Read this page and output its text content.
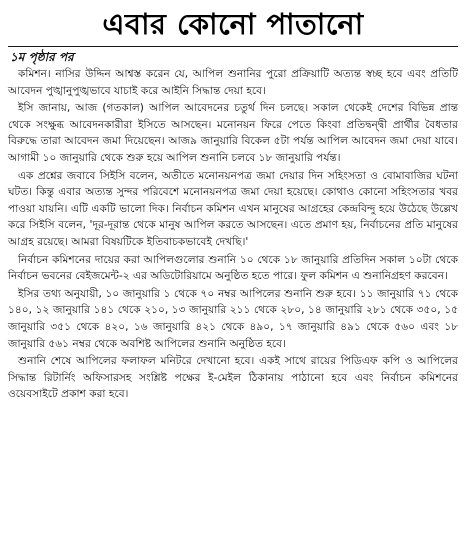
এবার কোনো পাতানো
১ম পৃষ্ঠার পর

কমিশন। নাসির উদ্দিন আশ্বস্ত করেন যে, আপিল শুনানির পুরো প্রক্রিয়াটি অত্যন্ত স্বচ্ছ হবে এবং প্রতিটি আবেদন পুঙ্খানুপুঙ্খভাবে যাচাই করে আইনি সিদ্ধান্ত দেয়া হবে।

ইসি জানায়, আজ (গতকাল) আপিল আবেদনের চতুর্থ দিন চলছে। সকাল থেকেই দেশের বিভিন্ন প্রান্ত থেকে সংক্ষুব্ধ আবেদনকারীরা ইসিতে আসছেন। মনোনয়ন ফিরে পেতে কিংবা প্রতিদ্বন্দ্বী প্রার্থীর বৈধতার বিরুদ্ধে তারা আবেদন জমা দিয়েছেন। আজ৯ জানুয়ারি বিকেল ৫টা পর্যন্ত আপিল আবেদন জমা দেয়া যাবে। আগামী ১০ জানুয়ারি থেকে শুরু হয়ে আপিল শুনানি চলবে ১৮ জানুয়ারি পর্যন্ত।

এক প্রশ্নের জবাবে সিইসি বলেন, অতীতে মনোনয়নপত্র জমা দেয়ার দিন সহিংসতা ও বোমাবাজির ঘটনা ঘটত। কিন্তু এবার অত্যন্ত সুন্দর পরিবেশে মনোনয়নপত্র জমা দেয়া হয়েছে। কোথাও কোনো সহিংসতার খবর পাওয়া যায়নি। এটি একটি ভালো দিক। নির্বাচন কমিশন এখন মানুষের আগ্রহের কেন্দ্রবিন্দু হয়ে উঠেছে উল্লেখ করে সিইসি বলেন, 'দূর-দূরান্ত থেকে মানুষ আপিল করতে আসছেন। এতে প্রমাণ হয়, নির্বাচনের প্রতি মানুষের আগ্রহ রয়েছে। আমরা বিষয়টিকে ইতিবাচকভাবেই দেখছি।'

নির্বাচন কমিশনের দায়ের করা আপিলগুলোর শুনানি ১০ থেকে ১৮ জানুয়ারি প্রতিদিন সকাল ১০টা থেকে নির্বাচন ভবনের বেইজমেন্ট-২ এর অডিটোরিয়ামে অনুষ্ঠিত হতে পারে। ফুল কমিশন এ শুনানিগ্রহণ করবেন।

ইসির তথ্য অনুযায়ী, ১০ জানুয়ারি ১ থেকে ৭০ নম্বর আপিলের শুনানি শুরু হবে। ১১ জানুয়ারি ৭১ থেকে ১৪০, ১২ জানুয়ারি ১৪১ থেকে ২১০, ১৩ জানুয়ারি ২১১ থেকে ২৮০, ১৪ জানুয়ারি ২৮১ থেকে ৩৫০, ১৫ জানুয়ারি ৩৫১ থেকে ৪২০, ১৬ জানুয়ারি ৪২১ থেকে ৪৯০, ১৭ জানুয়ারি ৪৯১ থেকে ৫৬০ এবং ১৮ জানুয়ারি ৫৬১ নম্বর থেকে অবশিষ্ট আপিলের শুনানি অনুষ্ঠিত হবে।

শুনানি শেষে আপিলের ফলাফল মনিটরে দেখানো হবে। একই সাথে রায়ের পিডিএফ কপি ও আপিলের সিদ্ধান্ত রিটার্নিং অফিসারসহ সংশ্লিষ্ট পক্ষের ই-মেইল ঠিকানায় পাঠানো হবে এবং নির্বাচন কমিশনের ওয়েবসাইটে প্রকাশ করা হবে।
